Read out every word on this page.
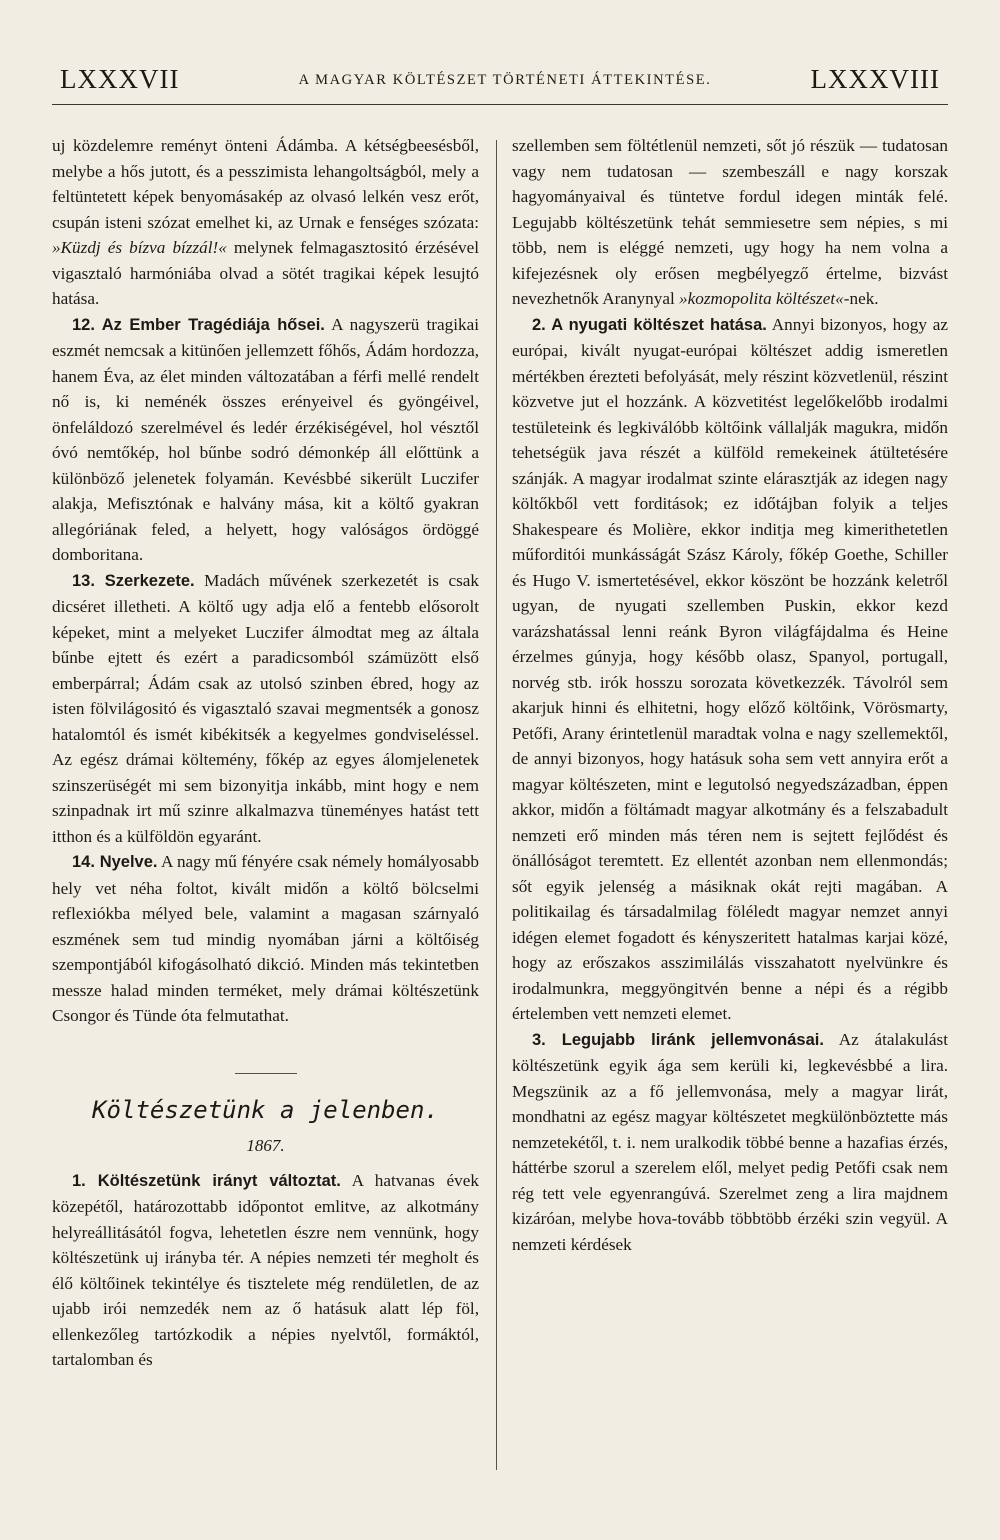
LXXXVII	A MAGYAR KÖLTÉSZET TÖRTÉNETI ÁTTEKINTÉSE.	LXXXVIII

uj közdelemre reményt önteni Ádámba. A kétségbeesésből, melybe a hős jutott, és a pesszimista lehangoltságból, mely a feltüntetett képek benyomásakép az olvasó lelkén vesz erőt, csupán isteni szózat emelhet ki, az Urnak e fenséges szózata: »Küzdj és bízva bízzál!« melynek felmagasztositó érzésével vigasztaló harmóniába olvad a sötét tragikai képek lesujtó hatása.

12. Az Ember Tragédiája hősei. A nagyszerü tragikai eszmét nemcsak a kitünően jellemzett főhős, Ádám hordozza, hanem Éva, az élet minden változatában a férfi mellé rendelt nő is, ki neménék összes erényeivel és gyöngéivel, önfeláldozó szerelmével és ledér érzékiségével, hol vésztől óvó nemtőkép, hol bűnbe sodró démonkép áll előttünk a különböző jelenetek folyamán. Kevésbbé sikerült Luczifer alakja, Mefisztónak e halvány mása, kit a költő gyakran allegóriának feled, a helyett, hogy valóságos ördöggé domboritana.

13. Szerkezete. Madách művének szerkezetét is csak dicséret illetheti. A költő ugy adja elő a fentebb elősorolt képeket, mint a melyeket Luczifer álmodtat meg az általa bűnbe ejtett és ezért a paradicsomból számüzött első emberpárral; Ádám csak az utolsó szinben ébred, hogy az isten fölvilágositó és vigasztaló szavai megmentsék a gonosz hatalomtól és ismét kibékitsék a kegyelmes gondviseléssel. Az egész drámai költemény, főkép az egyes álomjelenetek szinszerüségét mi sem bizonyitja inkább, mint hogy e nem szinpadnak irt mű szinre alkalmazva tüneményes hatást tett itthon és a külföldön egyaránt.

14. Nyelve. A nagy mű fényére csak némely homályosabb hely vet néha foltot, kivált midőn a költő bölcselmi reflexiókba mélyed bele, valamint a magasan szárnyaló eszmének sem tud mindig nyomában járni a költőiség szempontjából kifogásolható dikció. Minden más tekintetben messze halad minden terméket, mely drámai költészetünk Csongor és Tünde óta felmutathat.

Költészetünk a jelenben.
1867.

1. Költészetünk irányt változtat. A hatvanas évek közepétől, határozottabb időpontot emlitve, az alkotmány helyreállitásától fogva, lehetetlen észre nem vennünk, hogy költészetünk uj irányba tér. A népies nemzeti tér megholt és élő költőinek tekintélye és tisztelete még rendületlen, de az ujabb irói nemzedék nem az ő hatásuk alatt lép föl, ellenkezőleg tartózkodik a népies nyelvtől, formáktól, tartalomban és

szellemben sem föltétlenül nemzeti, sőt jó részük — tudatosan vagy nem tudatosan — szembeszáll e nagy korszak hagyományaival és tüntetve fordul idegen minták felé. Legujabb költészetünk tehát semmiesetre sem népies, s mi több, nem is eléggé nemzeti, ugy hogy ha nem volna a kifejezésnek oly erősen megbélyegző értelme, bizvást nevezhetnők Aranynyal »kozmopolita költészet«-nek.

2. A nyugati költészet hatása. Annyi bizonyos, hogy az európai, kivált nyugat-európai költészet addig ismeretlen mértékben érezteti befolyását, mely részint közvetlenül, részint közvetve jut el hozzánk. A közvetitést legelőkelőbb irodalmi testületeink és legkiválóbb költőink vállalják magukra, midőn tehetségük java részét a külföld remekeinek átültetésére szánják. A magyar irodalmat szinte elárasztják az idegen nagy költőkből vett forditások; ez időtájban folyik a teljes Shakespeare és Molière, ekkor inditja meg kimerithetetlen műforditói munkásságát Szász Károly, főkép Goethe, Schiller és Hugo V. ismertetésével, ekkor köszönt be hozzánk keletről ugyan, de nyugati szellemben Puskin, ekkor kezd varázshatással lenni reánk Byron világfájdalma és Heine érzelmes gúnyja, hogy később olasz, Spanyol, portugall, norvég stb. irók hosszu sorozata következzék. Távolról sem akarjuk hinni és elhitetni, hogy előző költőink, Vörösmarty, Petőfi, Arany érintetlenül maradtak volna e nagy szellemektől, de annyi bizonyos, hogy hatásuk soha sem vett annyira erőt a magyar költészeten, mint e legutolsó negyedszázadban, éppen akkor, midőn a föltámadt magyar alkotmány és a felszabadult nemzeti erő minden más téren nem is sejtett fejlődést és önállóságot teremtett. Ez ellentét azonban nem ellenmondás; sőt egyik jelenség a másiknak okát rejti magában. A politikailag és társadalmilag föléledt magyar nemzet annyi idégen elemet fogadott és kényszeritett hatalmas karjai közé, hogy az erőszakos asszimilálás visszahatott nyelvünkre és irodalmunkra, meggyöngitvén benne a népi és a régibb értelemben vett nemzeti elemet.

3. Legujabb liránk jellemvonásai. Az átalakulást költészetünk egyik ága sem kerüli ki, legkevésbbé a lira. Megszünik az a fő jellemvonása, mely a magyar lirát, mondhatni az egész magyar költészetet megkülönböztette más nemzetekétől, t. i. nem uralkodik többé benne a hazafias érzés, háttérbe szorul a szerelem elől, melyet pedig Petőfi csak nem rég tett vele egyenrangúvá. Szerelmet zeng a lira majdnem kizáróan, melybe hova-tovább többtöbb érzéki szin vegyül. A nemzeti kérdések
